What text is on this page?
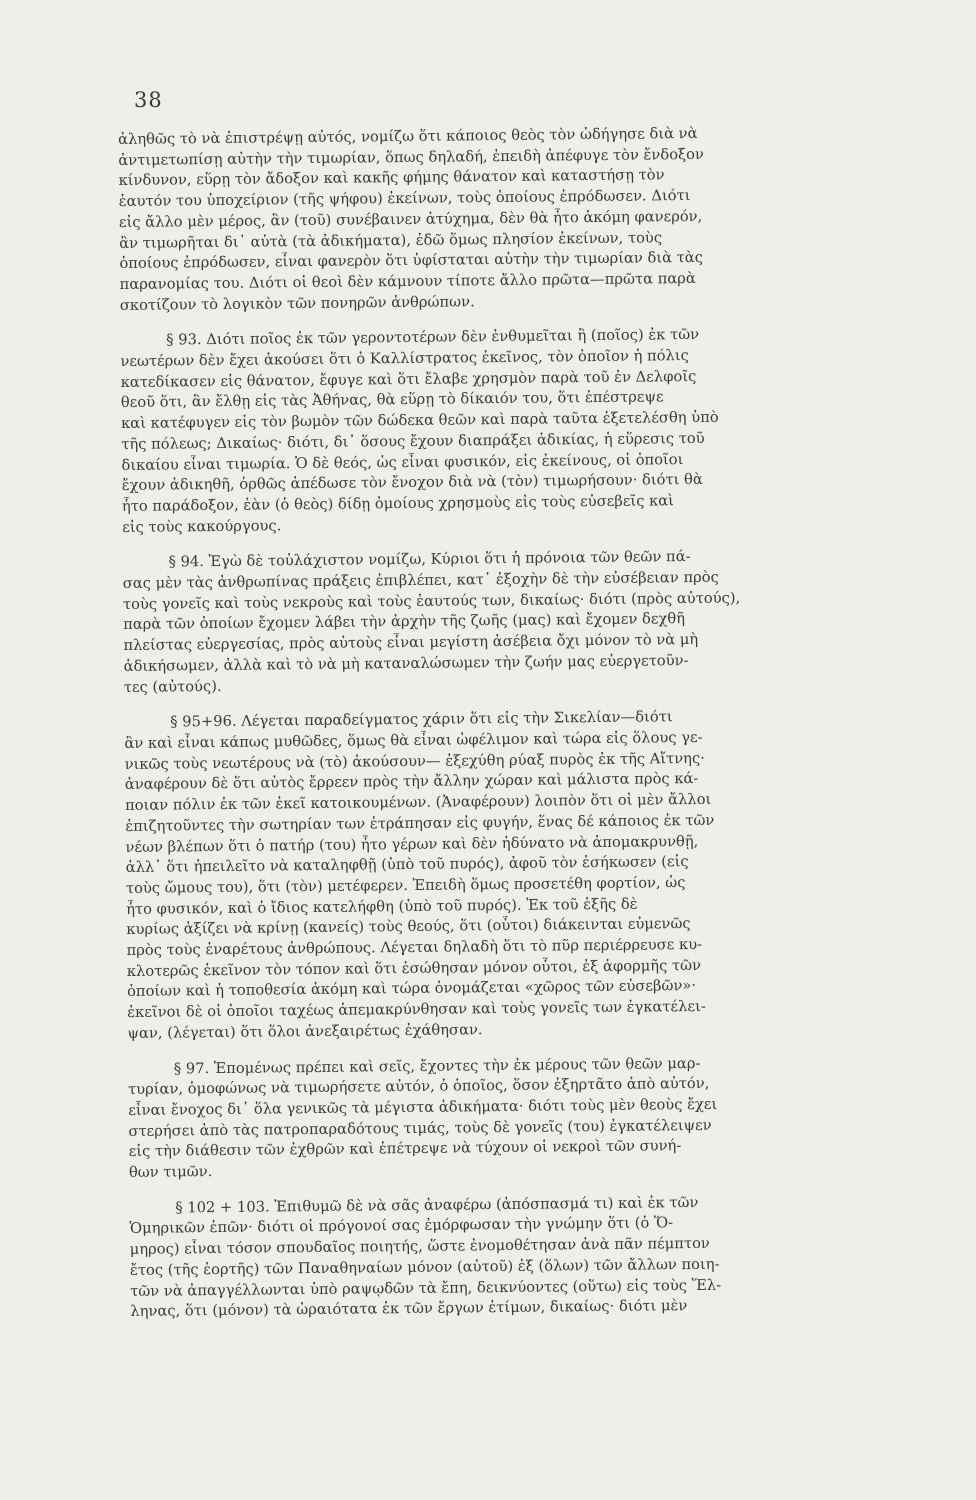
38
ἀληθῶς τὸ νὰ ἐπιστρέψῃ αὐτός, νομίζω ὅτι κάποιος θεὸς τὸν ὡδήγησε διὰ νὰ
ἀντιμετωπίσῃ αὐτὴν τὴν τιμωρίαν, ὅπως δηλαδή, ἐπειδὴ ἀπέφυγε τὸν ἔνδοξον
κίνδυνον, εὕρῃ τὸν ἄδοξον καὶ κακῆς φήμης θάνατον καὶ καταστήσῃ τὸν
ἑαυτόν του ὑποχείριον (τῆς ψήφου) ἐκείνων, τοὺς ὁποίους ἐπρόδωσεν. Διότι
εἰς ἄλλο μὲν μέρος, ἂν (τοῦ) συνέβαινεν ἀτύχημα, δὲν θὰ ἦτο ἀκόμη φανερόν,
ἂν τιμωρῆται δι᾿ αὐτὰ (τὰ ἀδικήματα), ἐδῶ ὅμως πλησίον ἐκείνων, τοὺς
ὁποίους ἐπρόδωσεν, εἶναι φανερὸν ὅτι ὑφίσταται αὐτὴν τὴν τιμωρίαν διὰ τὰς
παρανομίας του. Διότι οἱ θεοὶ δὲν κάμνουν τίποτε ἄλλο πρῶτα—πρῶτα παρὰ
σκοτίζουν τὸ λογικὸν τῶν πονηρῶν ἀνθρώπων.
§ 93. Διότι ποῖος ἐκ τῶν γεροντοτέρων δὲν ἐνθυμεῖται ἢ (ποῖος) ἐκ τῶν
νεωτέρων δὲν ἔχει ἀκούσει ὅτι ὁ Καλλίστρατος ἐκεῖνος, τὸν ὁποῖον ἡ πόλις
κατεδίκασεν εἰς θάνατον, ἔφυγε καὶ ὅτι ἔλαβε χρησμὸν παρὰ τοῦ ἐν Δελφοῖς
θεοῦ ὅτι, ἂν ἔλθῃ εἰς τὰς Ἀθήνας, θὰ εὕρῃ τὸ δίκαιόν του, ὅτι ἐπέστρεψε
καὶ κατέφυγεν εἰς τὸν βωμὸν τῶν δώδεκα θεῶν καὶ παρὰ ταῦτα ἐξετελέσθη ὑπὸ
τῆς πόλεως; Δικαίως· διότι, δι᾿ ὅσους ἔχουν διαπράξει ἀδικίας, ἡ εὕρεσις τοῦ
δικαίου εἶναι τιμωρία. Ὁ δὲ θεός, ὡς εἶναι φυσικόν, εἰς ἐκείνους, οἱ ὁποῖοι
ἔχουν ἀδικηθῆ, ὀρθῶς ἀπέδωσε τὸν ἔνοχον διὰ νὰ (τὸν) τιμωρήσουν· διότι θὰ
ἦτο παράδοξον, ἐὰν (ὁ θεὸς) δίδῃ ὁμοίους χρησμοὺς εἰς τοὺς εὐσεβεῖς καὶ
εἰς τοὺς κακούργους.
§ 94. Ἐγὼ δὲ τοὐλάχιστον νομίζω, Κύριοι ὅτι ἡ πρόνοια τῶν θεῶν πά-
σας μὲν τὰς ἀνθρωπίνας πράξεις ἐπιβλέπει, κατ᾿ ἐξοχὴν δὲ τὴν εὐσέβειαν πρὸς
τοὺς γονεῖς καὶ τοὺς νεκροὺς καὶ τοὺς ἑαυτούς των, δικαίως· διότι (πρὸς αὐτούς),
παρὰ τῶν ὁποίων ἔχομεν λάβει τὴν ἀρχὴν τῆς ζωῆς (μας) καὶ ἔχομεν δεχθῆ
πλείστας εὐεργεσίας, πρὸς αὐτοὺς εἶναι μεγίστη ἀσέβεια ὄχι μόνον τὸ νὰ μὴ
ἀδικήσωμεν, ἀλλὰ καὶ τὸ νὰ μὴ καταναλώσωμεν τὴν ζωήν μας εὐεργετοῦν-
τες (αὐτούς).
§ 95+96. Λέγεται παραδείγματος χάριν ὅτι εἰς τὴν Σικελίαν—διότι
ἂν καὶ εἶναι κάπως μυθῶδες, ὅμως θὰ εἶναι ὠφέλιμον καὶ τώρα εἰς ὅλους γε-
νικῶς τοὺς νεωτέρους νὰ (τὸ) ἀκούσουν— ἐξεχύθη ρύαξ πυρὸς ἐκ τῆς Αἴτνης·
ἀναφέρουν δὲ ὅτι αὐτὸς ἔρρεεν πρὸς τὴν ἄλλην χώραν καὶ μάλιστα πρὸς κά-
ποιαν πόλιν ἐκ τῶν ἐκεῖ κατοικουμένων. (Ἀναφέρουν) λοιπὸν ὅτι οἱ μὲν ἄλλοι
ἐπιζητοῦντες τὴν σωτηρίαν των ἐτράπησαν εἰς φυγήν, ἕνας δέ κάποιος ἐκ τῶν
νέων βλέπων ὅτι ὁ πατήρ (του) ἦτο γέρων καὶ δὲν ἠδύνατο νὰ ἀπομακρυνθῇ,
ἀλλ᾿ ὅτι ἠπειλεῖτο νὰ καταληφθῇ (ὑπὸ τοῦ πυρός), ἀφοῦ τὸν ἐσήκωσεν (εἰς
τοὺς ὤμους του), ὅτι (τὸν) μετέφερεν. Ἐπειδὴ ὅμως προσετέθη φορτίον, ὡς
ἦτο φυσικόν, καὶ ὁ ἴδιος κατελήφθη (ὑπὸ τοῦ πυρός). Ἐκ τοῦ ἑξῆς δὲ
κυρίως ἀξίζει νὰ κρίνῃ (κανείς) τοὺς θεούς, ὅτι (οὗτοι) διάκεινται εὐμενῶς
πρὸς τοὺς ἐναρέτους ἀνθρώπους. Λέγεται δηλαδὴ ὅτι τὸ πῦρ περιέρρευσε κυ-
κλοτερῶς ἐκεῖνον τὸν τόπον καὶ ὅτι ἐσώθησαν μόνον οὗτοι, ἐξ ἀφορμῆς τῶν
ὁποίων καὶ ἡ τοποθεσία ἀκόμη καὶ τώρα ὀνομάζεται «χῶρος τῶν εὐσεβῶν»·
ἐκεῖνοι δὲ οἱ ὁποῖοι ταχέως ἀπεμακρύνθησαν καὶ τοὺς γονεῖς των ἐγκατέλει-
ψαν, (λέγεται) ὅτι ὅλοι ἀνεξαιρέτως ἐχάθησαν.
§ 97. Ἑπομένως πρέπει καὶ σεῖς, ἔχοντες τὴν ἐκ μέρους τῶν θεῶν μαρ-
τυρίαν, ὁμοφώνως νὰ τιμωρήσετε αὐτόν, ὁ ὁποῖος, ὅσον ἐξηρτᾶτο ἀπὸ αὐτόν,
εἶναι ἔνοχος δι᾿ ὅλα γενικῶς τὰ μέγιστα ἀδικήματα· διότι τοὺς μὲν θεοὺς ἔχει
στερήσει ἀπὸ τὰς πατροπαραδότους τιμάς, τοὺς δὲ γονεῖς (του) ἐγκατέλειψεν
εἰς τὴν διάθεσιν τῶν ἐχθρῶν καὶ ἐπέτρεψε νὰ τύχουν οἱ νεκροὶ τῶν συνή-
θων τιμῶν.
§ 102 + 103. Ἐπιθυμῶ δὲ νὰ σᾶς ἀναφέρω (ἀπόσπασμά τι) καὶ ἐκ τῶν
Ὁμηρικῶν ἐπῶν· διότι οἱ πρόγονοί σας ἐμόρφωσαν τὴν γνώμην ὅτι (ὁ Ὅ-
μηρος) εἶναι τόσον σπουδαῖος ποιητής, ὥστε ἐνομοθέτησαν ἀνὰ πᾶν πέμπτον
ἔτος (τῆς ἑορτῆς) τῶν Παναθηναίων μόνον (αὐτοῦ) ἐξ (ὅλων) τῶν ἄλλων ποιη-
τῶν νὰ ἀπαγγέλλωνται ὑπὸ ραψῳδῶν τὰ ἔπη, δεικνύοντες (οὕτω) εἰς τοὺς Ἕλ-
ληνας, ὅτι (μόνον) τὰ ὡραιότατα ἐκ τῶν ἔργων ἐτίμων, δικαίως· διότι μὲν
